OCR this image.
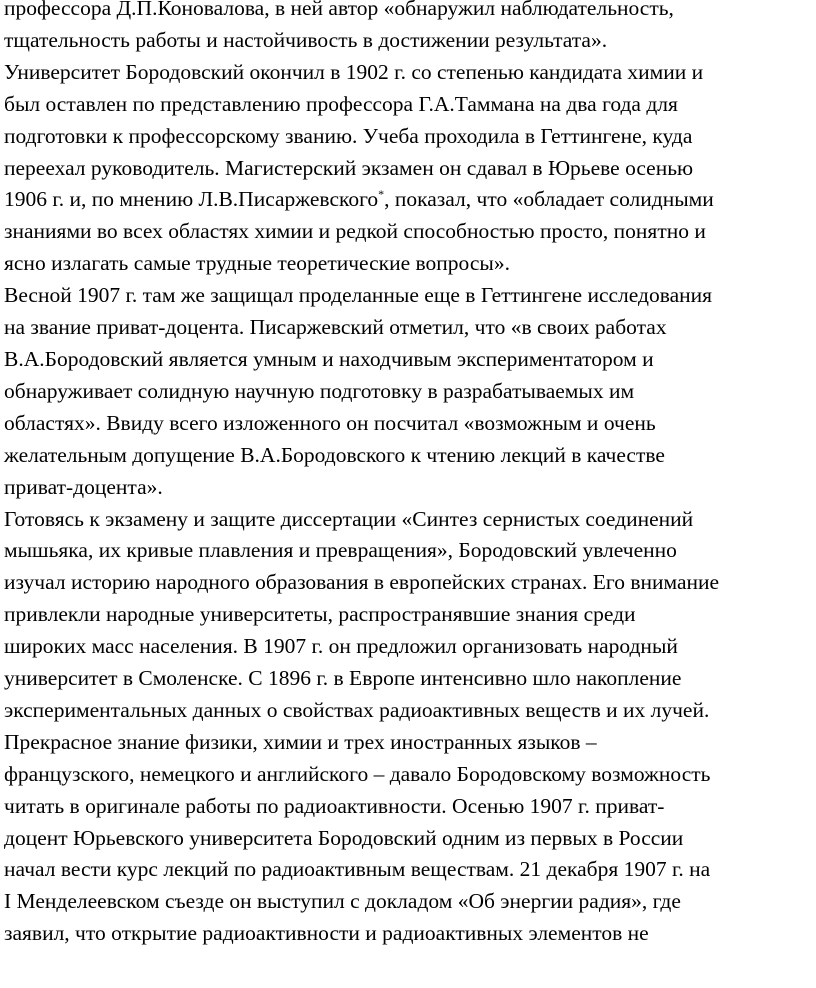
профессора Д.П.Коновалова, в ней автор «обнаружил наблюдательность,
тщательность работы и настойчивость в достижении результата».
Университет Бородовский окончил в 1902 г. со степенью кандидата химии и
был оставлен по представлению профессора Г.А.Таммана на два года для
подготовки к профессорскому званию. Учеба проходила в Геттингене, куда
переехал руководитель. Магистерский экзамен он сдавал в Юрьеве осенью
1906 г. и, по мнению Л.В.Писаржевского*, показал, что «обладает солидными
знаниями во всех областях химии и редкой способностью просто, понятно и
ясно излагать самые трудные теоретические вопросы».
Весной 1907 г. там же защищал проделанные еще в Геттингене исследования
на звание приват-доцента. Писаржевский отметил, что «в своих работах
В.А.Бородовский является умным и находчивым экспериментатором и
обнаруживает солидную научную подготовку в разрабатываемых им
областях». Ввиду всего изложенного он посчитал «возможным и очень
желательным допущение В.А.Бородовского к чтению лекций в качестве
приват-доцента».
Готовясь к экзамену и защите диссертации «Синтез сернистых соединений
мышьяка, их кривые плавления и превращения», Бородовский увлеченно
изучал историю народного образования в европейских странах. Его внимание
привлекли народные университеты, распространявшие знания среди
широких масс населения. В 1907 г. он предложил организовать народный
университет в Смоленске. С 1896 г. в Европе интенсивно шло накопление
экспериментальных данных о свойствах радиоактивных веществ и их лучей.
Прекрасное знание физики, химии и трех иностранных языков –
французского, немецкого и английского – давало Бородовскому возможность
читать в оригинале работы по радиоактивности. Осенью 1907 г. приват-
доцент Юрьевского университета Бородовский одним из первых в России
начал вести курс лекций по радиоактивным веществам. 21 декабря 1907 г. на
I Менделеевском съезде он выступил с докладом «Об энергии радия», где
заявил, что открытие радиоактивности и радиоактивных элементов не
